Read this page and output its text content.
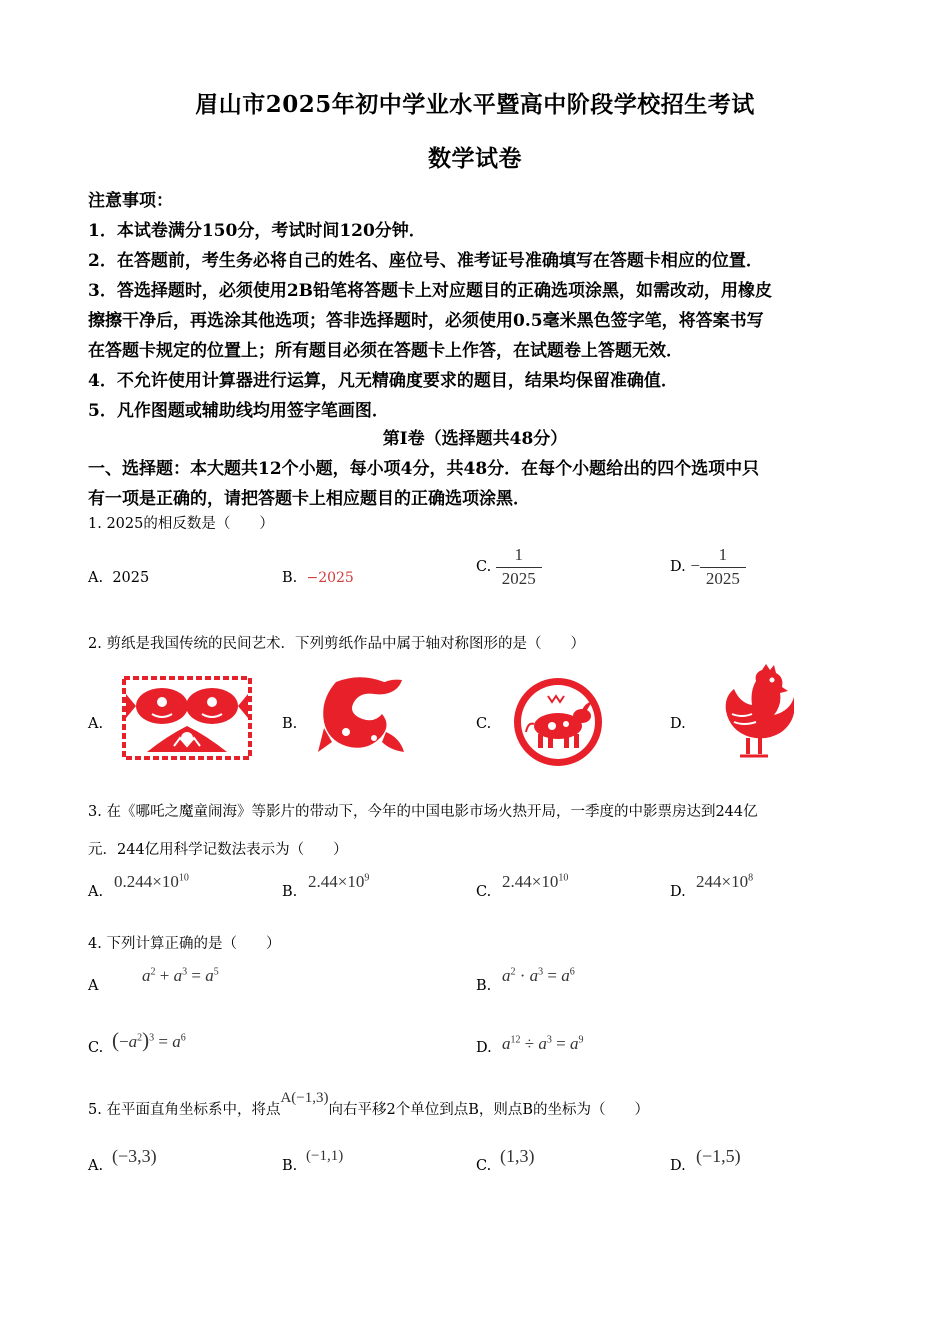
眉山市2025年初中学业水平暨高中阶段学校招生考试
数学试卷
注意事项：
1．本试卷满分150分，考试时间120分钟．
2．在答题前，考生务必将自己的姓名、座位号、准考证号准确填写在答题卡相应的位置．
3．答选择题时，必须使用2B铅笔将答题卡上对应题目的正确选项涂黑，如需改动，用橡皮
擦擦干净后，再选涂其他选项；答非选择题时，必须使用0.5毫米黑色签字笔，将答案书写
在答题卡规定的位置上；所有题目必须在答题卡上作答，在试题卷上答题无效．
4．不允许使用计算器进行运算，凡无精确度要求的题目，结果均保留准确值．
5．凡作图题或辅助线均用签字笔画图．
第Ⅰ卷（选择题共48分）
一、选择题：本大题共12个小题，每小项4分，共48分．在每个小题给出的四个选项中只
有一项是正确的，请把答题卡上相应题目的正确选项涂黑．
1. 2025的相反数是（　　）
A. 2025	B. −2025
C. $\frac{1}{2025}$	D. − $\frac{1}{2025}$
2. 剪纸是我国传统的民间艺术．下列剪纸作品中属于轴对称图形的是（　　）
A.	B.	C.	D.
3. 在《哪吒之魔童闹海》等影片的带动下，今年的中国电影市场火热开局，一季度的中影票房达到244亿
元．244亿用科学记数法表示为（　　）
A.
$0.244\times 10^{10}$
B.
$2.44\times 10^9$
C.
$2.44\times 10^{10}$
D.
$244\times 10^8$
4. 下列计算正确的是（　　）
A
$a^2 + a^3 = a^5$
B.
$a^2 \cdot a^3 = a^6$
C. $(-a^2)^3 = a^6$
D. $a^{12} \div a^3 = a^9$
5. 在平面直角坐标系中，将点A(−1,3)向右平移2个单位到点B，则点B的坐标为（　　）
A. (−3,3)	B.
(−1,1)
C. (1,3)	D. (−1,5)
